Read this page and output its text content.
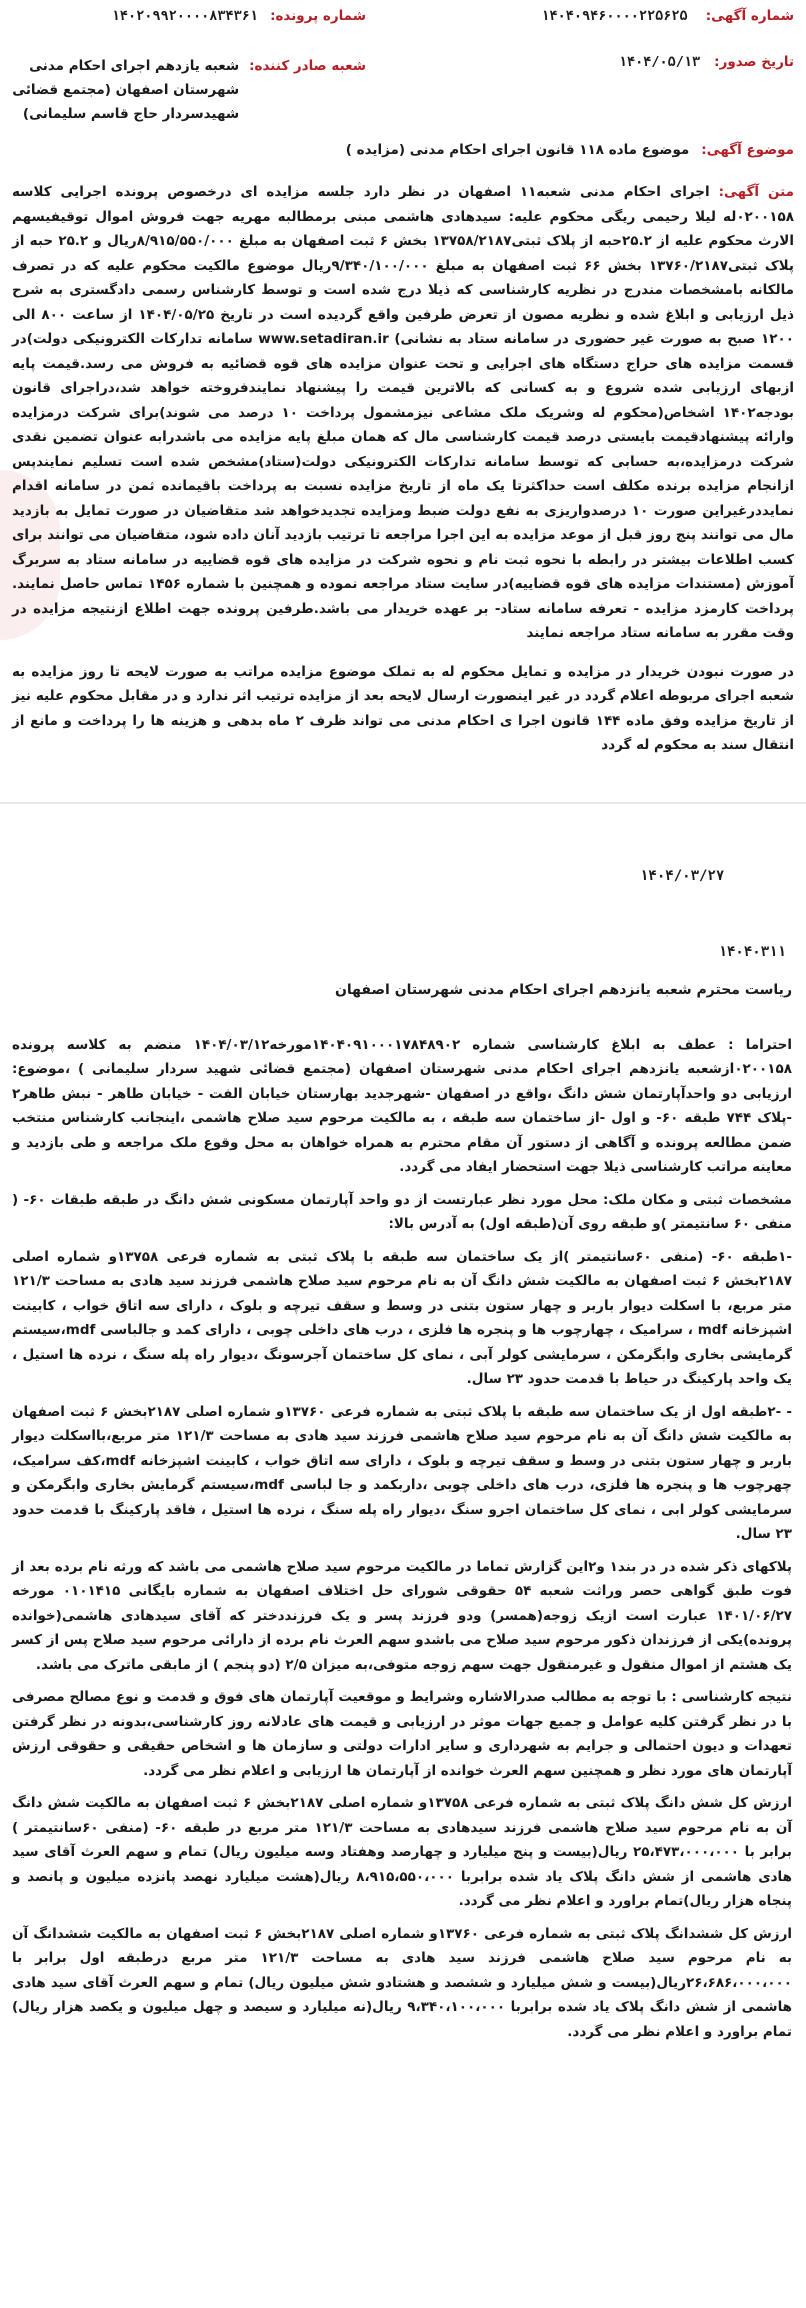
شماره آگهی:
۱۴۰۴۰۹۴۶۰۰۰۰۲۲۵۶۲۵
شماره پرونده:
۱۴۰۲۰۹۹۲۰۰۰۰۸۳۴۳۶۱
تاریخ صدور:
۱۴۰۴/۰۵/۱۳
شعبه صادر کننده:
شعبه یازدهم اجرای احکام مدنی شهرستان اصفهان (مجتمع قضائی شهیدسردار حاج قاسم سلیمانی)
موضوع آگهی:
موضوع ماده ۱۱۸ قانون اجرای احکام مدنی (مزایده )
متن آگهی: اجرای احکام مدنی شعبه۱۱ اصفهان در نظر دارد جلسه مزایده ای درخصوص پرونده اجرایی کلاسه ۰۲۰۰۱۵۸له لیلا رحیمی ریگی محکوم علیه: سیدهادی هاشمی مبنی برمطالبه مهریه جهت فروش اموال توقیفیسهم الارث محکوم علیه از ۲۵.۲حبه از پلاک ثبتی۱۳۷۵۸/۲۱۸۷ بخش ۶ ثبت اصفهان به مبلغ ۸/۹۱۵/۵۵۰/۰۰۰ریال و ۲۵.۲ حبه از پلاک ثبتی۱۳۷۶۰/۲۱۸۷ بخش ۶۶ ثبت اصفهان به مبلغ ۹/۳۴۰/۱۰۰/۰۰۰ریال موضوع مالکیت محکوم علیه که در تصرف مالکانه بامشخصات مندرج در نظریه کارشناسی که ذیلا درج شده است و توسط کارشناس رسمی دادگستری به شرح ذیل ارزیابی و ابلاغ شده و نظریه مصون از تعرض طرفین واقع گردیده است در تاریخ ۱۴۰۴/۰۵/۲۵ از ساعت ۸۰۰ الی ۱۲۰۰ صبح به صورت غیر حضوری در سامانه ستاد به نشانی) www.setadiran.ir سامانه تدارکات الکترونیکی دولت)در قسمت مزایده های حراج دستگاه های اجرایی و تحت عنوان مزایده های قوه قضائیه به فروش می رسد.قیمت پایه ازبهای ارزیابی شده شروع و به کسانی که بالاترین قیمت را پیشنهاد نمایندفروخته خواهد شد،دراجرای قانون بودجه۱۴۰۲ اشخاص(محکوم له وشریک ملک مشاعی نیزمشمول پرداخت ۱۰ درصد می شوند)برای شرکت درمزایده وارائه پیشنهادقیمت بایستی درصد قیمت کارشناسی مال که همان مبلغ پایه مزایده می باشدرابه عنوان تضمین نقدی شرکت درمزایده،به حسابی که توسط سامانه تدارکات الکترونیکی دولت(ستاد)مشخص شده است تسلیم نمایندپس ازانجام مزایده برنده مکلف است حداکثرتا یک ماه از تاریخ مزایده نسبت به پرداخت باقیمانده ثمن در سامانه اقدام نمایددرغیراین صورت ۱۰ درصدواریزی به نفع دولت ضبط ومزایده تجدیدخواهد شد متقاضیان در صورت تمایل به بازدید مال می توانند پنج روز قبل از موعد مزایده به این اجرا مراجعه تا ترتیب بازدید آنان داده شود، متقاضیان می توانند برای کسب اطلاعات بیشتر در رابطه با نحوه ثبت نام و نحوه شرکت در مزایده های قوه قضاییه در سامانه ستاد به سربرگ آموزش (مستندات مزایده های قوه قضاییه)در سایت ستاد مراجعه نموده و همچنین با شماره ۱۴۵۶ تماس حاصل نمایند. پرداخت کارمزد مزایده - تعرفه سامانه ستاد- بر عهده خریدار می باشد.طرفین پرونده جهت اطلاع ازنتیجه مزایده در وقت مقرر به سامانه ستاد مراجعه نمایند
در صورت نبودن خریدار در مزایده و تمایل محکوم له به تملک موضوع مزایده مراتب به صورت لایحه تا روز مزایده به شعبه اجرای مربوطه اعلام گردد در غیر اینصورت ارسال لایحه بعد از مزایده ترتیب اثر ندارد و در مقابل محکوم علیه نیز از تاریخ مزایده وفق ماده ۱۴۴ قانون اجرا ی احکام مدنی می تواند ظرف ۲ ماه بدهی و هزینه ها را پرداخت و مانع از انتقال سند به محکوم له گردد
۱۴۰۴/۰۳/۲۷
۱۴۰۴۰۳۱۱
ریاست محترم شعبه یانزدهم اجرای احکام مدنی شهرستان اصفهان
احتراما : عطف به ابلاغ کارشناسی شماره ۱۴۰۴۰۹۱۰۰۰۱۷۸۴۸۹۰۲مورخه۱۴۰۴/۰۳/۱۲ منضم به کلاسه پرونده ۰۲۰۰۱۵۸ازشعبه یانزدهم اجرای احکام مدنی شهرستان اصفهان (مجتمع قضائی شهید سردار سلیمانی ) ،موضوع: ارزیابی دو واحدآپارتمان شش دانگ ،واقع در اصفهان -شهرجدید بهارستان خیابان الفت - خیابان طاهر - نبش طاهر۲ -پلاک ۷۴۴ طبقه ۶۰- و اول -از ساختمان سه طبقه ، به مالکیت مرحوم سید صلاح هاشمی ،اینجانب کارشناس منتخب ضمن مطالعه پرونده و آگاهی از دستور آن مقام محترم به همراه خواهان به محل وقوع ملک مراجعه و طی بازدید و معاینه مراتب کارشناسی ذیلا جهت استحضار ایفاد می گردد.
مشخصات ثبتی و مکان ملک: محل مورد نظر عبارتست از دو واحد آپارتمان مسکونی شش دانگ در طبقه طبقات ۶۰- ( منفی ۶۰ سانتیمتر )و طبقه روی آن(طبقه اول) به آدرس بالا:
-۱طبقه ۶۰- (منفی ۶۰سانتیمتر )از یک ساختمان سه طبقه با پلاک ثبتی به شماره فرعی ۱۳۷۵۸و شماره اصلی ۲۱۸۷بخش ۶ ثبت اصفهان به مالکیت شش دانگ آن به نام مرحوم سید صلاح هاشمی فرزند سید هادی به مساحت ۱۲۱/۳ متر مربع، با اسکلت دیوار باربر و چهار ستون بتنی در وسط و سقف تیرچه و بلوک ، دارای سه اتاق خواب ، کابینت اشپزخانه mdf ، سرامیک ، چهارچوب ها و پنجره ها فلزی ، درب های داخلی چوبی ، دارای کمد و جالباسی mdf،سیستم گرمایشی بخاری وابگرمکن ، سرمایشی کولر آبی ، نمای کل ساختمان آجرسونگ ،دیوار راه پله سنگ ، نرده ها استیل ، یک واحد پارکینگ در حیاط با قدمت حدود ۲۳ سال.
- -۲طبقه اول از یک ساختمان سه طبقه با پلاک ثبتی به شماره فرعی ۱۳۷۶۰و شماره اصلی ۲۱۸۷بخش ۶ ثبت اصفهان به مالکیت شش دانگ آن به نام مرحوم سید صلاح هاشمی فرزند سید هادی به مساحت ۱۲۱/۳ متر مربع،بااسکلت دیوار باربر و چهار ستون بتنی در وسط و سقف تیرچه و بلوک ، دارای سه اتاق خواب ، کابینت اشپزخانه mdf،کف سرامیک، چهرچوب ها و پنجره ها فلزی، درب های داخلی چوبی ،داربکمد و جا لباسی mdf،سیستم گرمایش بخاری وابگرمکن و سرمایشی کولر ابی ، نمای کل ساختمان اجرو سنگ ،دیوار راه پله سنگ ، نرده ها استیل ، فاقد پارکینگ با قدمت حدود ۲۳ سال.
پلاکهای ذکر شده در در بند۱ و۲این گزارش تماما در مالکیت مرحوم سید صلاح هاشمی می باشد که ورثه نام برده بعد از فوت طبق گواهی حصر وراثت شعبه ۵۴ حقوقی شورای حل اختلاف اصفهان به شماره بایگانی ۰۱۰۱۴۱۵ مورخه ۱۴۰۱/۰۶/۲۷ عبارت است ازیک زوجه(همسر) ودو فرزند پسر و یک فرزنددختر که آقای سیدهادی هاشمی(خوانده پرونده)یکی از فرزندان ذکور مرحوم سید صلاح می باشدو سهم العرث نام برده از دارائی مرحوم سید صلاح پس از کسر یک هشتم از اموال منقول و غیرمنقول جهت سهم زوجه متوفی،به میزان ۲/۵ (دو پنجم ) از مابقی ماترک می باشد.
نتیجه کارشناسی : با توجه به مطالب صدرالاشاره وشرایط و موقعیت آپارتمان های فوق و قدمت و نوع مصالح مصرفی با در نظر گرفتن کلیه عوامل و جمیع جهات موثر در ارزیابی و قیمت های عادلانه روز کارشناسی،بدونه در نظر گرفتن تعهدات و دیون احتمالی و جرایم به شهرداری و سایر ادارات دولتی و سازمان ها و اشخاص حقیقی و حقوقی ارزش آپارتمان های مورد نظر و همچنین سهم العرث خوانده از آپارتمان ها ارزیابی و اعلام نظر می گردد.
ارزش کل شش دانگ پلاک ثبتی به شماره فرعی ۱۳۷۵۸و شماره اصلی ۲۱۸۷بخش ۶ ثبت اصفهان به مالکیت شش دانگ آن به نام مرحوم سید صلاح هاشمی فرزند سیدهادی به مساحت ۱۲۱/۳ متر مربع در طبقه ۶۰- (منفی ۶۰سانتیمتر ) برابر با ۲۵،۴۷۳،۰۰۰،۰۰۰ ریال(بیست و پنج میلیارد و چهارصد وهفتاد وسه میلیون ریال) تمام و سهم العرث آقای سید هادی هاشمی از شش دانگ پلاک یاد شده برابربا ۸،۹۱۵،۵۵۰،۰۰۰ ریال(هشت میلیارد نهصد پانزده میلیون و پانصد و پنجاه هزار ریال)تمام براورد و اعلام نظر می گردد.
ارزش کل ششدانگ پلاک ثبتی به شماره فرعی ۱۳۷۶۰و شماره اصلی ۲۱۸۷بخش ۶ ثبت اصفهان به مالکیت ششدانگ آن به نام مرحوم سید صلاح هاشمی فرزند سید هادی به مساحت ۱۲۱/۳ متر مربع درطبقه اول برابر با ۲۶،۶۸۶،۰۰۰،۰۰۰ریال(بیست و شش میلیارد و ششصد و هشتادو شش میلیون ریال) تمام و سهم العرث آقای سید هادی هاشمی از شش دانگ پلاک یاد شده برابربا ۹،۳۴۰،۱۰۰،۰۰۰ ریال(نه میلیارد و سیصد و چهل میلیون و یکصد هزار ریال) تمام براورد و اعلام نظر می گردد.
